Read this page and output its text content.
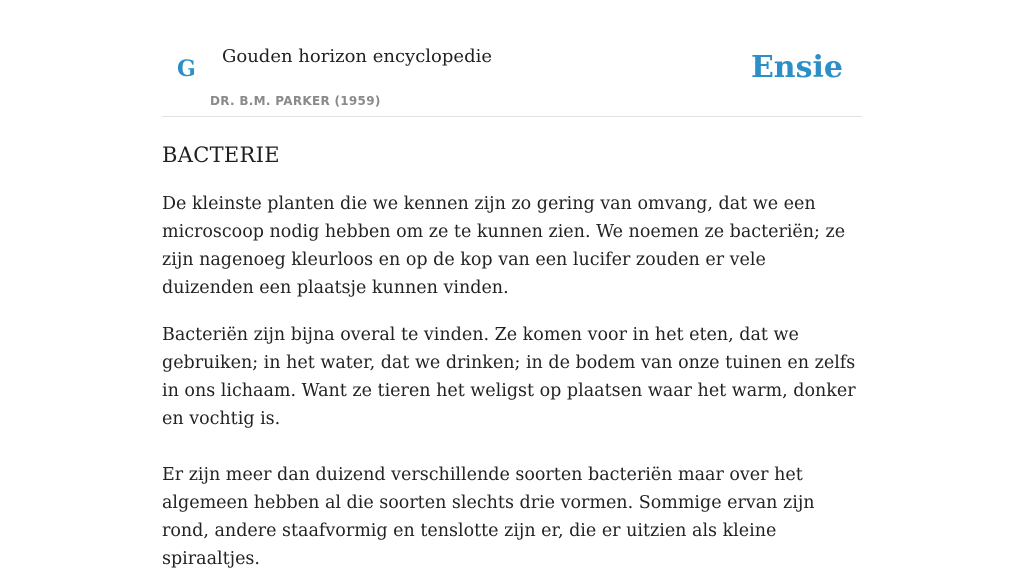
G Gouden horizon encyclopedie
DR. B.M. PARKER (1959)
Ensie
BACTERIE

De kleinste planten die we kennen zijn zo gering van omvang, dat we een microscoop nodig hebben om ze te kunnen zien. We noemen ze bacteriën; ze zijn nagenoeg kleurloos en op de kop van een lucifer zouden er vele duizenden een plaatsje kunnen vinden.

Bacteriën zijn bijna overal te vinden. Ze komen voor in het eten, dat we gebruiken; in het water, dat we drinken; in de bodem van onze tuinen en zelfs in ons lichaam. Want ze tieren het weligst op plaatsen waar het warm, donker en vochtig is.

Er zijn meer dan duizend verschillende soorten bacteriën maar over het algemeen hebben al die soorten slechts drie vormen. Sommige ervan zijn rond, andere staafvormig en tenslotte zijn er, die er uitzien als kleine spiraaltjes.
